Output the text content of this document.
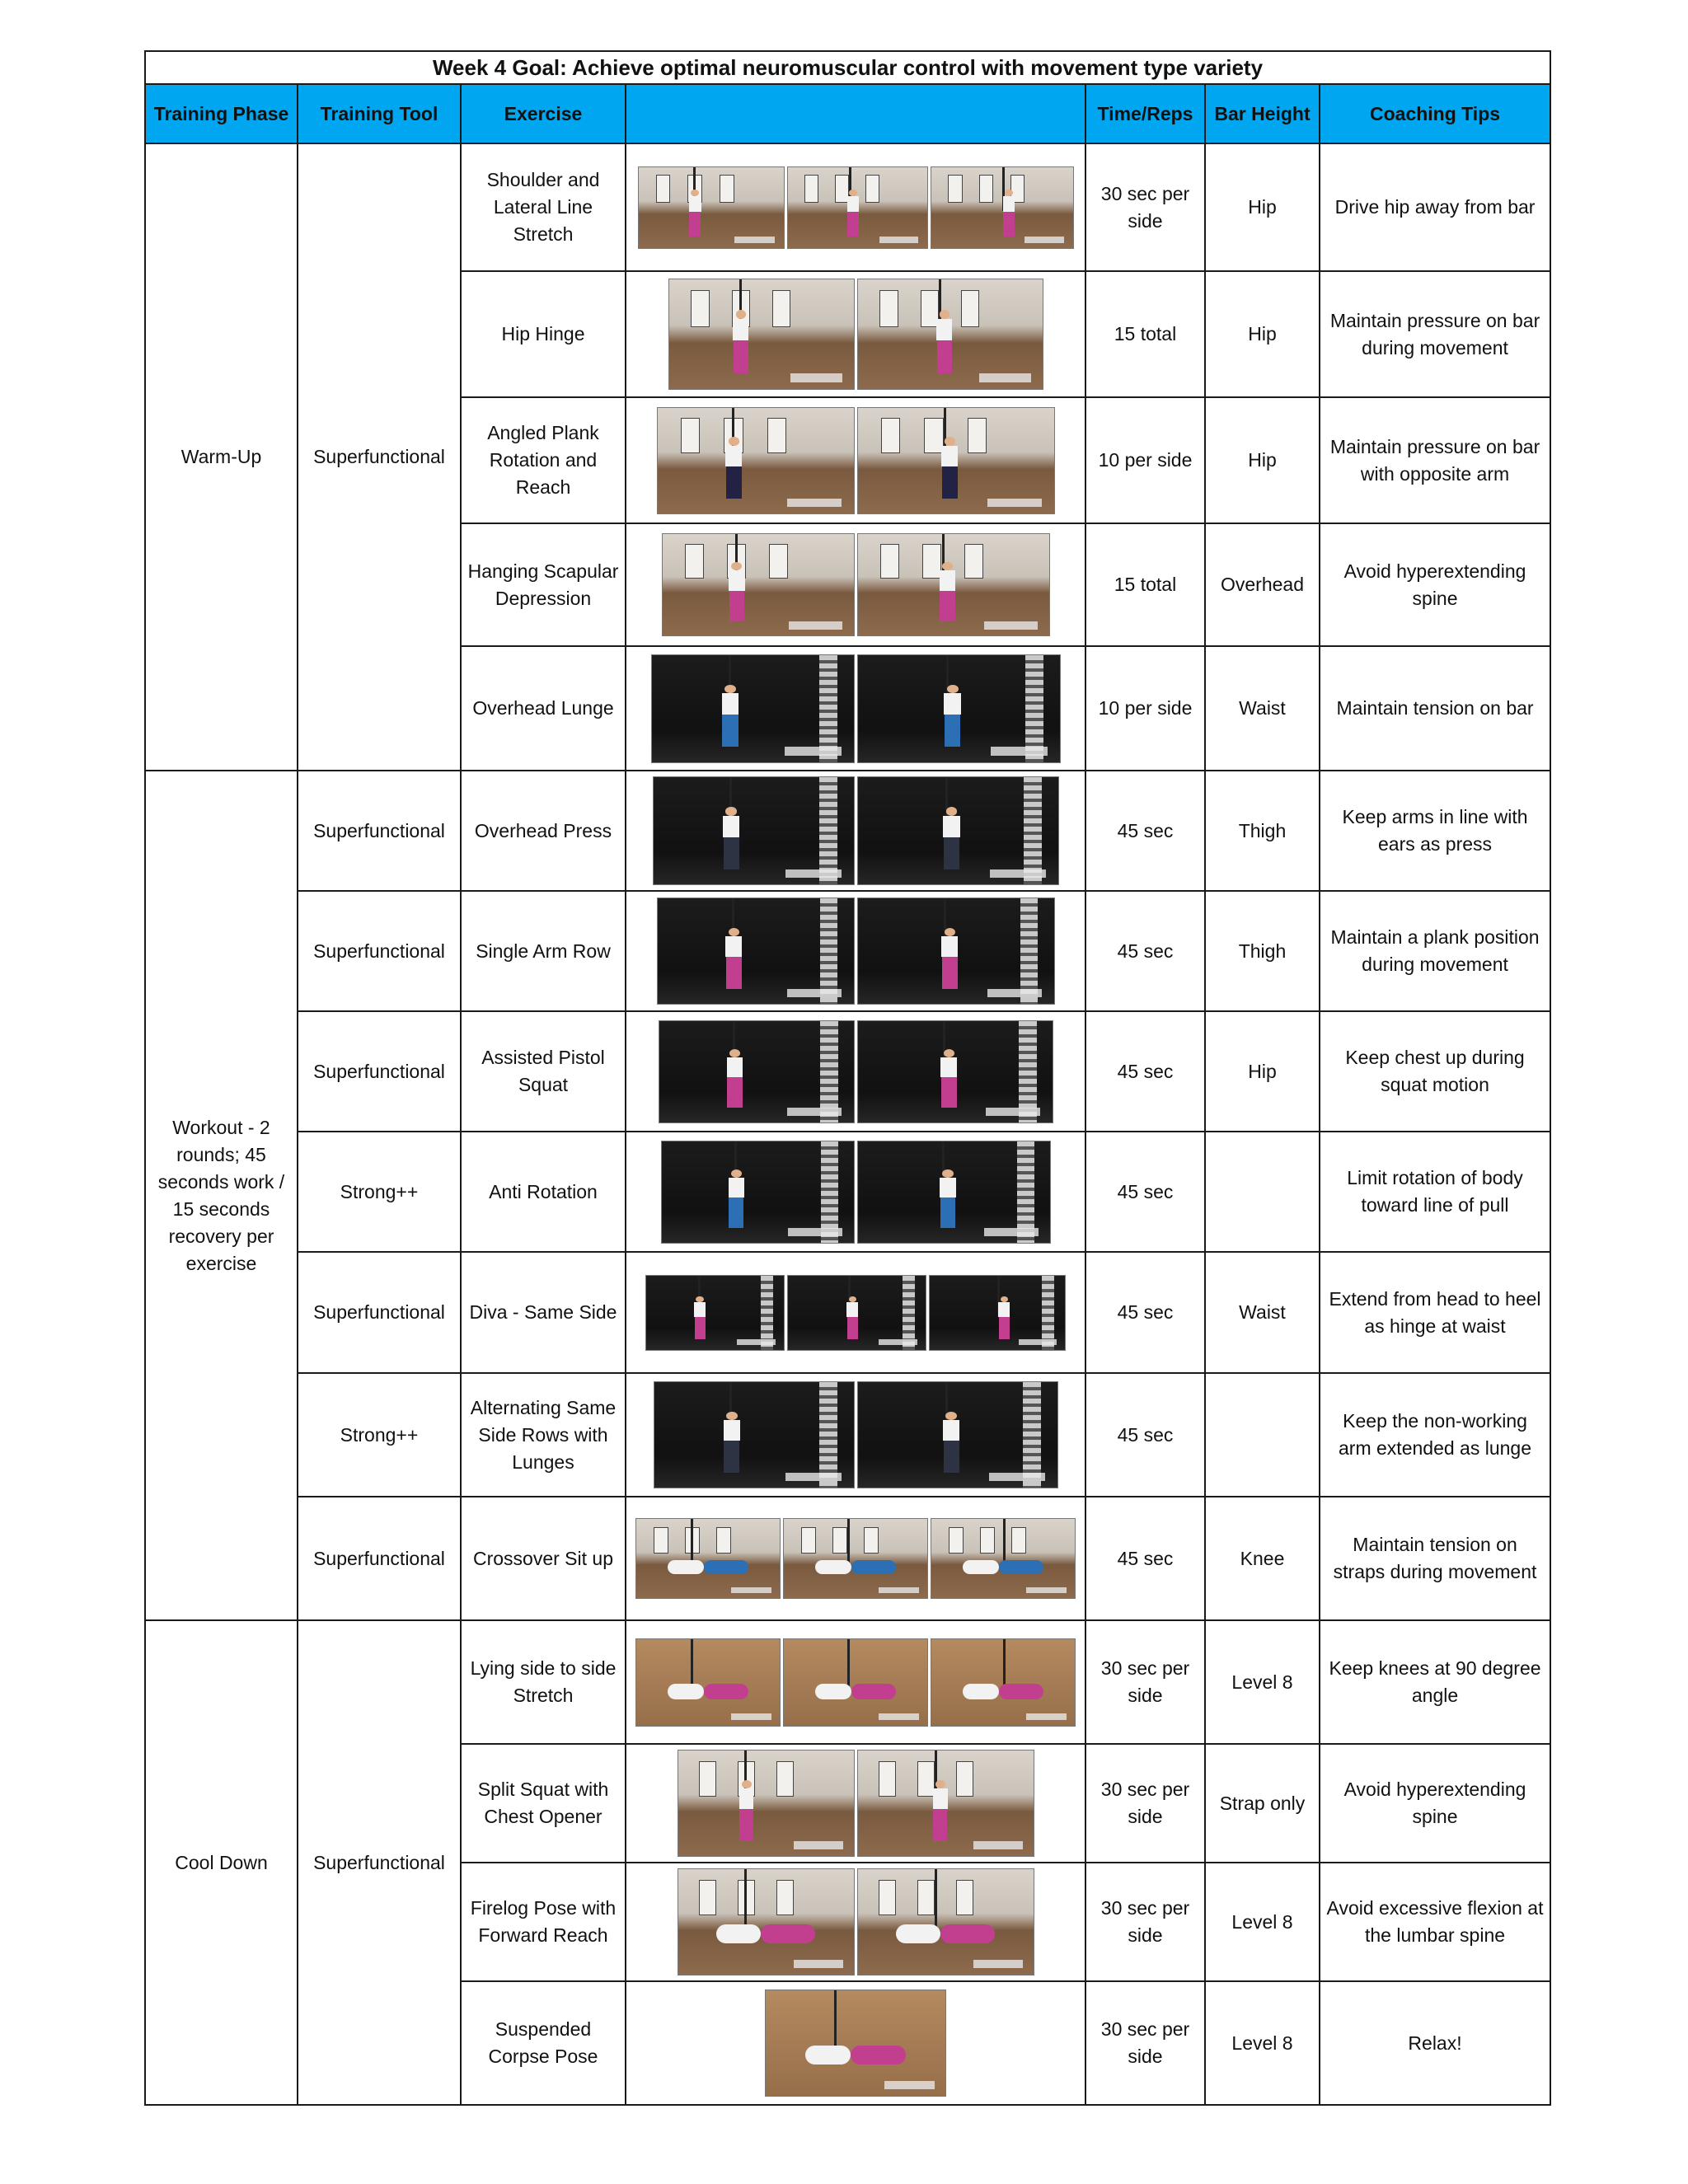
Week 4 Goal: Achieve optimal neuromuscular control with movement type variety						
Training Phase	Training Tool	Exercise		Time/Reps	Bar Height	Coaching Tips
Warm-Up	Superfunctional	Shoulder and Lateral Line Stretch		30 sec per side	Hip	Drive hip away from bar
		Hip Hinge		15 total	Hip	Maintain pressure on bar during movement
		Angled Plank Rotation and Reach		10 per side	Hip	Maintain pressure on bar with opposite arm
		Hanging Scapular Depression		15 total	Overhead	Avoid hyperextending spine
		Overhead Lunge		10 per side	Waist	Maintain tension on bar
Workout - 2 rounds; 45 seconds work / 15 seconds recovery per exercise	Superfunctional	Overhead Press		45 sec	Thigh	Keep arms in line with ears as press
	Superfunctional	Single Arm Row		45 sec	Thigh	Maintain a plank position during movement
	Superfunctional	Assisted Pistol Squat		45 sec	Hip	Keep chest up during squat motion
	Strong++	Anti Rotation		45 sec		Limit rotation of body toward line of pull
	Superfunctional	Diva - Same Side		45 sec	Waist	Extend from head to heel as hinge at waist
	Strong++	Alternating Same Side Rows with Lunges		45 sec		Keep the non-working arm extended as lunge
	Superfunctional	Crossover Sit up		45 sec	Knee	Maintain tension on straps during movement
Cool Down	Superfunctional	Lying side to side Stretch		30 sec per side	Level 8	Keep knees at 90 degree angle
		Split Squat with Chest Opener		30 sec per side	Strap only	Avoid hyperextending spine
		Firelog Pose with Forward Reach		30 sec per side	Level 8	Avoid excessive flexion at the lumbar spine
		Suspended Corpse Pose		30 sec per side	Level 8	Relax!
